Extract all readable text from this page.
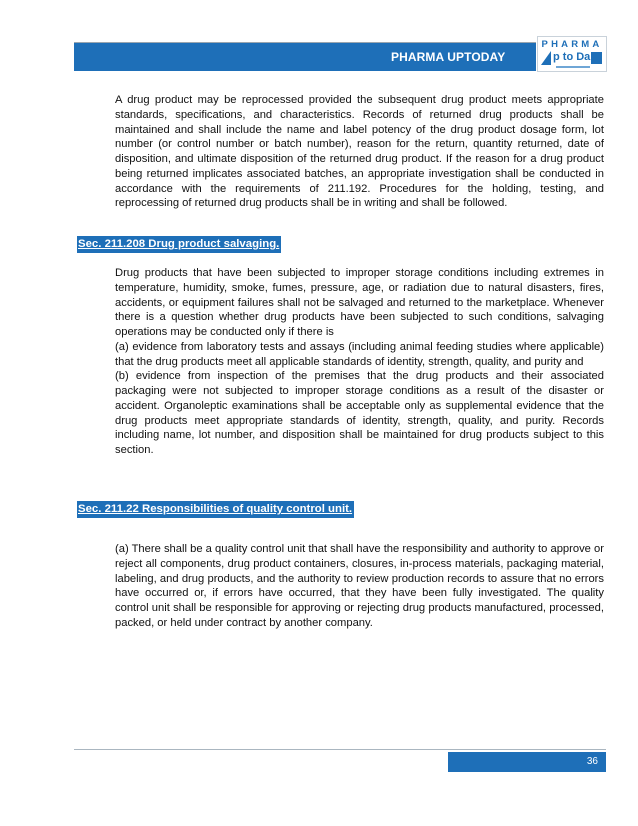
PHARMA UPTODAY
PHARMA
p to Da
A drug product may be reprocessed provided the subsequent drug product meets appropriate standards, specifications, and characteristics. Records of returned drug products shall be maintained and shall include the name and label potency of the drug product dosage form, lot number (or control number or batch number), reason for the return, quantity returned, date of disposition, and ultimate disposition of the returned drug product. If the reason for a drug product being returned implicates associated batches, an appropriate investigation shall be conducted in accordance with the requirements of 211.192. Procedures for the holding, testing, and reprocessing of returned drug products shall be in writing and shall be followed.
Sec. 211.208 Drug product salvaging.
Drug products that have been subjected to improper storage conditions including extremes in temperature, humidity, smoke, fumes, pressure, age, or radiation due to natural disasters, fires, accidents, or equipment failures shall not be salvaged and returned to the marketplace. Whenever there is a question whether drug products have been subjected to such conditions, salvaging operations may be conducted only if there is
(a) evidence from laboratory tests and assays (including animal feeding studies where applicable) that the drug products meet all applicable standards of identity, strength, quality, and purity and
(b) evidence from inspection of the premises that the drug products and their associated packaging were not subjected to improper storage conditions as a result of the disaster or accident. Organoleptic examinations shall be acceptable only as supplemental evidence that the drug products meet appropriate standards of identity, strength, quality, and purity. Records including name, lot number, and disposition shall be maintained for drug products subject to this section.
Sec. 211.22 Responsibilities of quality control unit.
(a) There shall be a quality control unit that shall have the responsibility and authority to approve or reject all components, drug product containers, closures, in-process materials, packaging material, labeling, and drug products, and the authority to review production records to assure that no errors have occurred or, if errors have occurred, that they have been fully investigated. The quality control unit shall be responsible for approving or rejecting drug products manufactured, processed, packed, or held under contract by another company.
36
